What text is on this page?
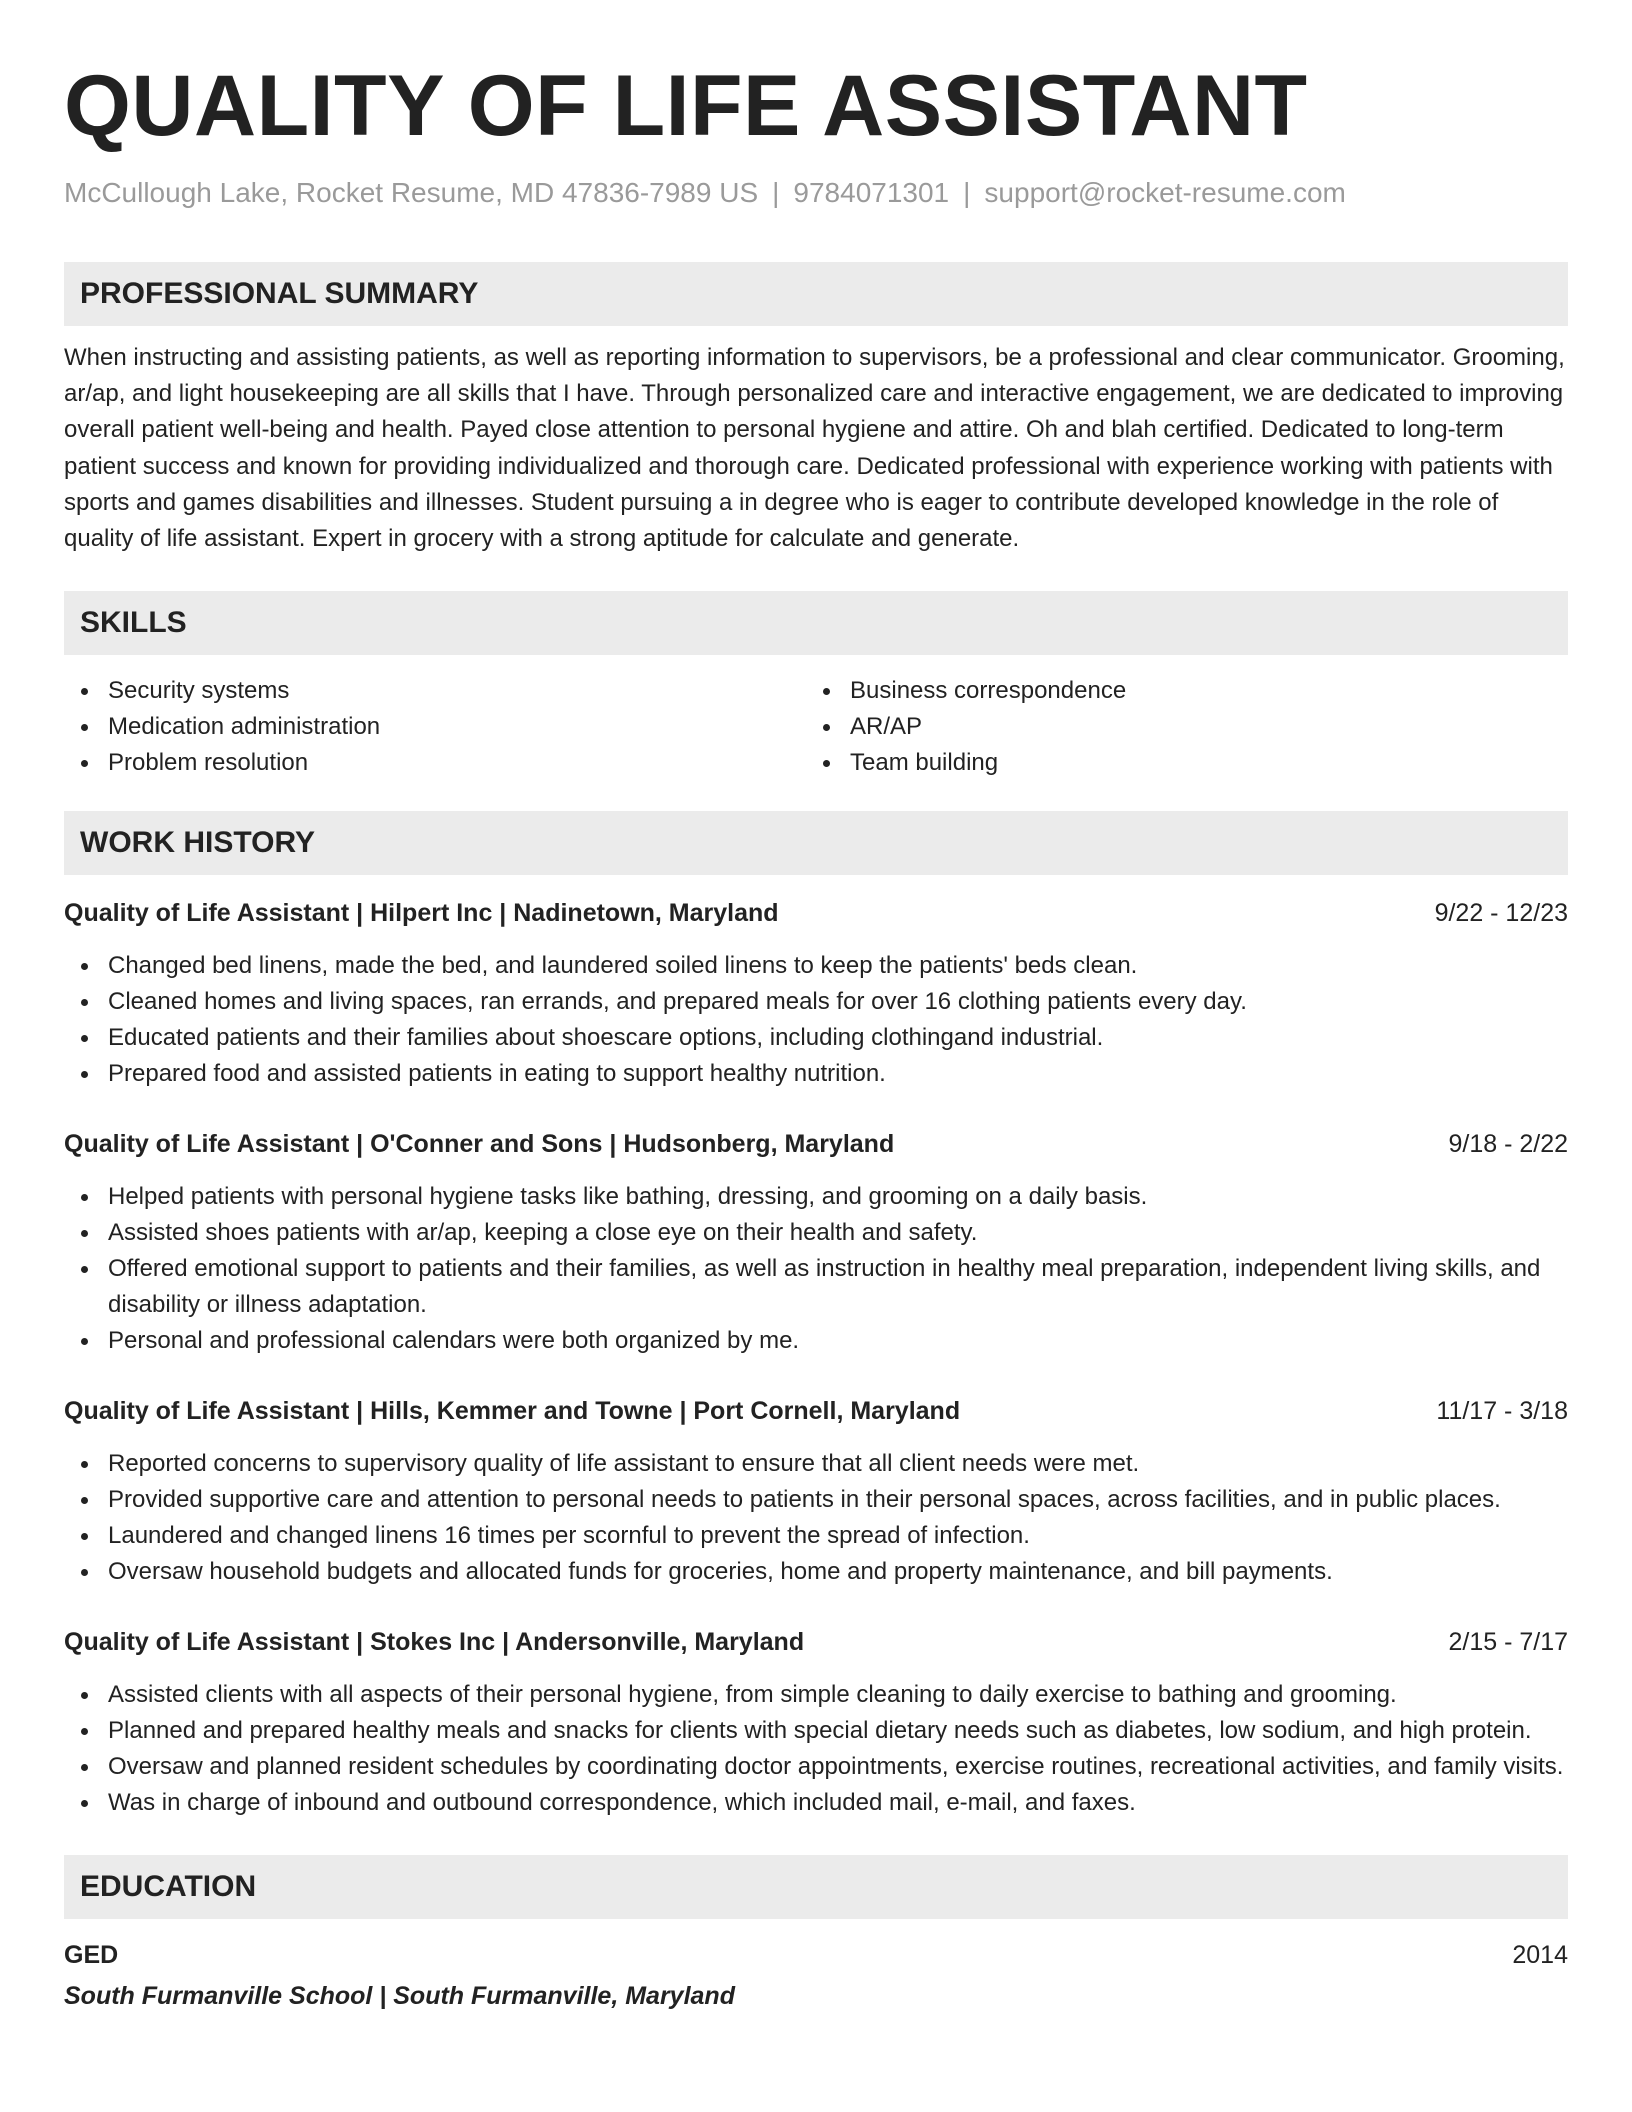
QUALITY OF LIFE ASSISTANT
McCullough Lake, Rocket Resume, MD 47836-7989 US | 9784071301 | support@rocket-resume.com
PROFESSIONAL SUMMARY

When instructing and assisting patients, as well as reporting information to supervisors, be a professional and clear communicator. Grooming, ar/ap, and light housekeeping are all skills that I have. Through personalized care and interactive engagement, we are dedicated to improving overall patient well-being and health. Payed close attention to personal hygiene and attire. Oh and blah certified. Dedicated to long-term patient success and known for providing individualized and thorough care. Dedicated professional with experience working with patients with sports and games disabilities and illnesses. Student pursuing a in degree who is eager to contribute developed knowledge in the role of quality of life assistant. Expert in grocery with a strong aptitude for calculate and generate.

SKILLS
Security systems
Medication administration
Problem resolution
Business correspondence
AR/AP
Team building
WORK HISTORY
Quality of Life Assistant | Hilpert Inc | Nadinetown, Maryland	9/22 - 12/23
Changed bed linens, made the bed, and laundered soiled linens to keep the patients' beds clean.
Cleaned homes and living spaces, ran errands, and prepared meals for over 16 clothing patients every day.
Educated patients and their families about shoescare options, including clothingand industrial.
Prepared food and assisted patients in eating to support healthy nutrition.
Quality of Life Assistant | O'Conner and Sons | Hudsonberg, Maryland	9/18 - 2/22
Helped patients with personal hygiene tasks like bathing, dressing, and grooming on a daily basis.
Assisted shoes patients with ar/ap, keeping a close eye on their health and safety.
Offered emotional support to patients and their families, as well as instruction in healthy meal preparation, independent living skills, and disability or illness adaptation.
Personal and professional calendars were both organized by me.
Quality of Life Assistant | Hills, Kemmer and Towne | Port Cornell, Maryland	11/17 - 3/18
Reported concerns to supervisory quality of life assistant to ensure that all client needs were met.
Provided supportive care and attention to personal needs to patients in their personal spaces, across facilities, and in public places.
Laundered and changed linens 16 times per scornful to prevent the spread of infection.
Oversaw household budgets and allocated funds for groceries, home and property maintenance, and bill payments.
Quality of Life Assistant | Stokes Inc | Andersonville, Maryland	2/15 - 7/17
Assisted clients with all aspects of their personal hygiene, from simple cleaning to daily exercise to bathing and grooming.
Planned and prepared healthy meals and snacks for clients with special dietary needs such as diabetes, low sodium, and high protein.
Oversaw and planned resident schedules by coordinating doctor appointments, exercise routines, recreational activities, and family visits.
Was in charge of inbound and outbound correspondence, which included mail, e-mail, and faxes.
EDUCATION
GED	2014
South Furmanville School | South Furmanville, Maryland
